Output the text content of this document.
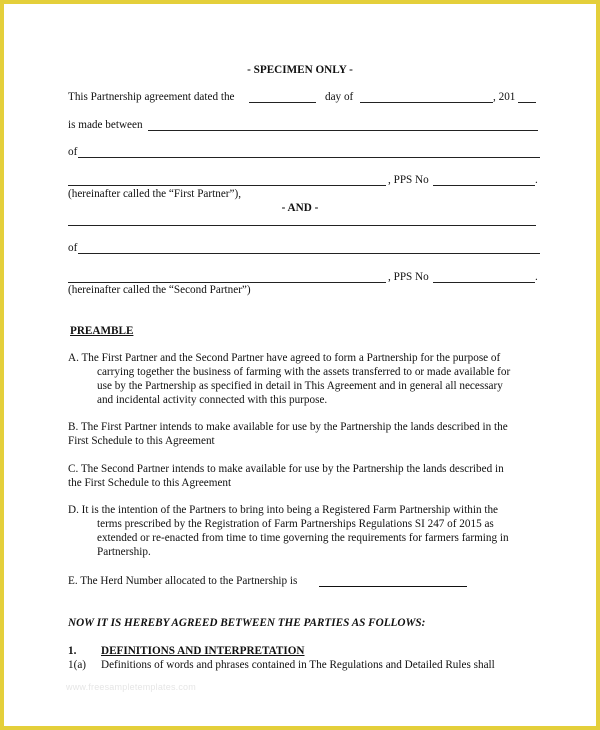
- SPECIMEN ONLY -
This Partnership agreement dated the	day of	, 201
is made between
of
, PPS No	.
(hereinafter called the “First Partner”),
- AND -
of
, PPS No	.
(hereinafter called the “Second Partner”)
PREAMBLE
A. The First Partner and the Second Partner have agreed to form a Partnership for the purpose of
carrying together the business of farming with the assets transferred to or made available for
use by the Partnership as specified in detail in This Agreement and in general all necessary
and incidental activity connected with this purpose.
B. The First Partner intends to make available for use by the Partnership the lands described in the
First Schedule to this Agreement
C. The Second Partner intends to make available for use by the Partnership the lands described in
the First Schedule to this Agreement
D. It is the intention of the Partners to bring into being a Registered Farm Partnership within the
terms prescribed by the Registration of Farm Partnerships Regulations SI 247 of 2015 as
extended or re-enacted from time to time governing the requirements for farmers farming in
Partnership.
E. The Herd Number allocated to the Partnership is
NOW IT IS HEREBY AGREED BETWEEN THE PARTIES AS FOLLOWS:
1. DEFINITIONS AND INTERPRETATION
1(a) Definitions of words and phrases contained in The Regulations and Detailed Rules shall
www.freesampletemplates.com
